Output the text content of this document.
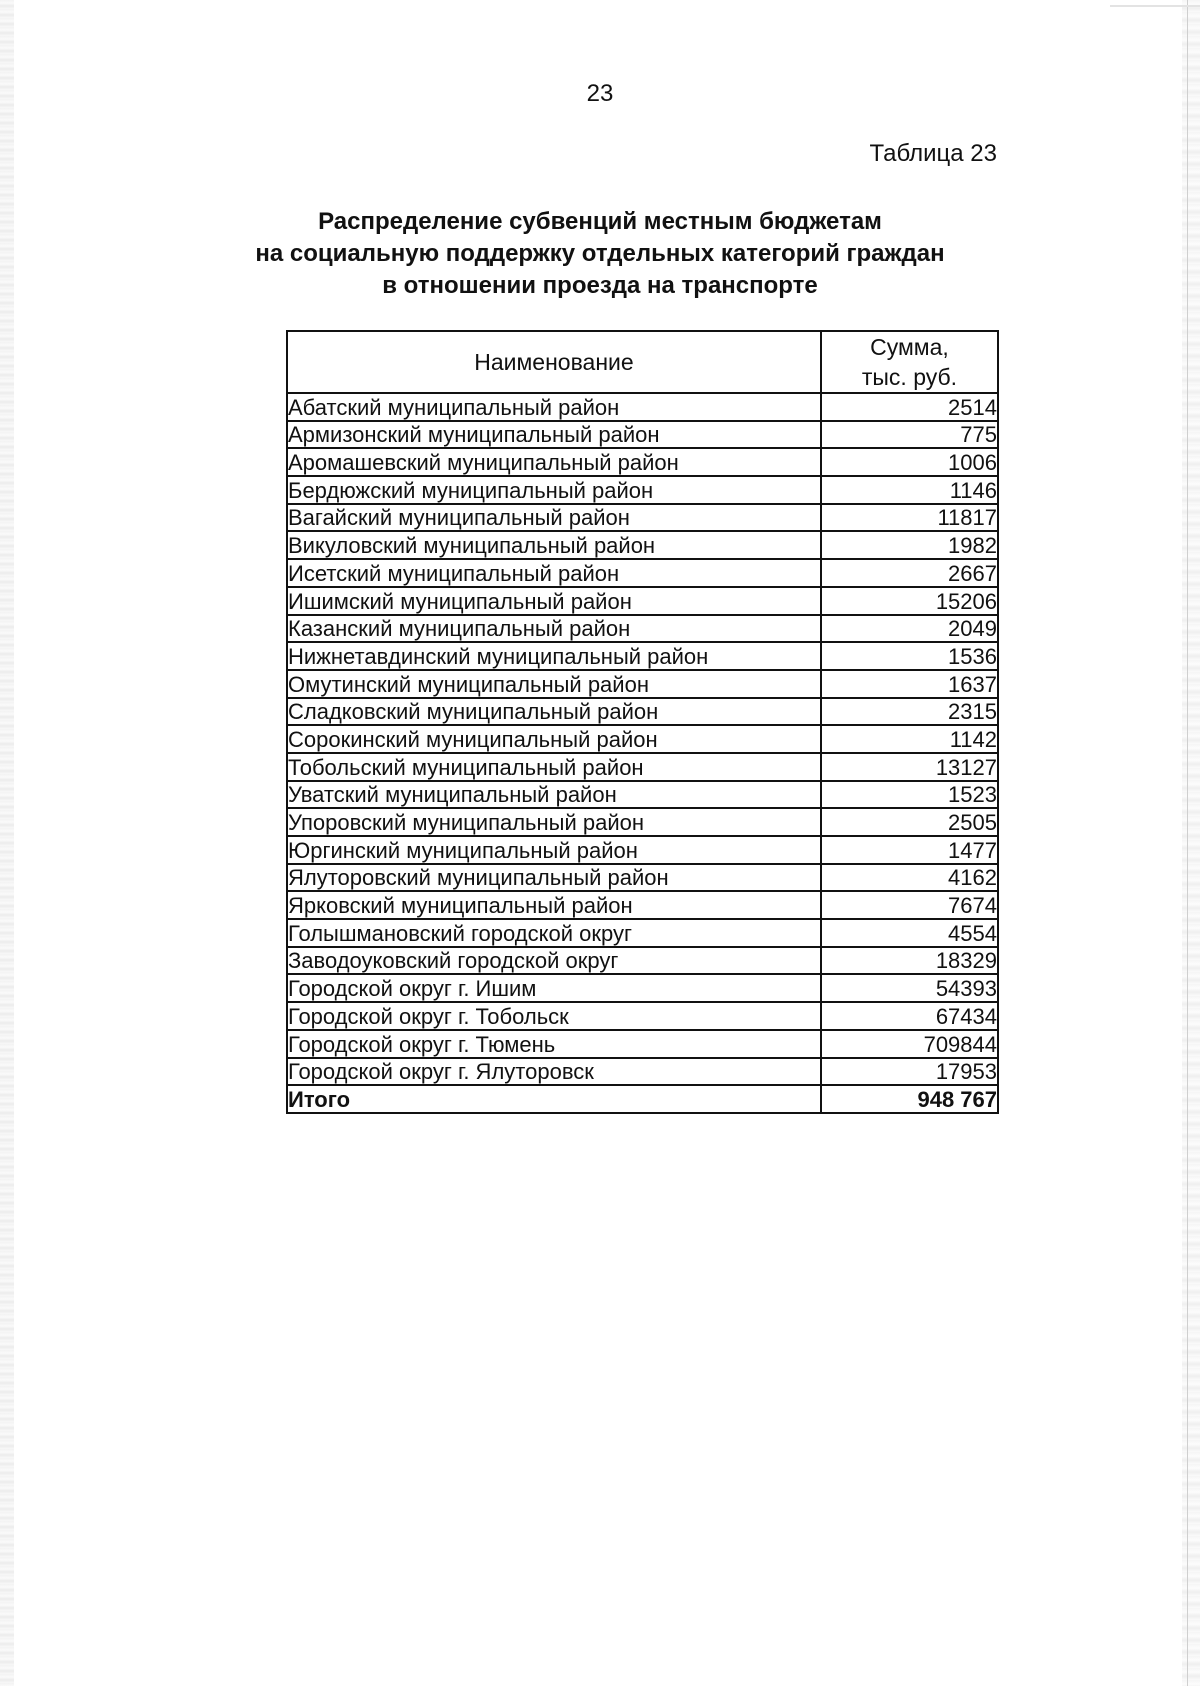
23
Таблица 23
Распределение субвенций местным бюджетам
на социальную поддержку отдельных категорий граждан
в отношении проезда на транспорте
Наименование	Сумма,
тыс. руб.

Абатский муниципальный район	2514
Армизонский муниципальный район	775
Аромашевский муниципальный район	1006
Бердюжский муниципальный район	1146
Вагайский муниципальный район	11817
Викуловский муниципальный район	1982
Исетский муниципальный район	2667
Ишимский муниципальный район	15206
Казанский муниципальный район	2049
Нижнетавдинский муниципальный район	1536
Омутинский муниципальный район	1637
Сладковский муниципальный район	2315
Сорокинский муниципальный район	1142
Тобольский муниципальный район	13127
Уватский муниципальный район	1523
Упоровский муниципальный район	2505
Юргинский муниципальный район	1477
Ялуторовский муниципальный район	4162
Ярковский муниципальный район	7674
Голышмановский городской округ	4554
Заводоуковский городской округ	18329
Городской округ г. Ишим	54393
Городской округ г. Тобольск	67434
Городской округ г. Тюмень	709844
Городской округ г. Ялуторовск	17953
Итого	948 767
